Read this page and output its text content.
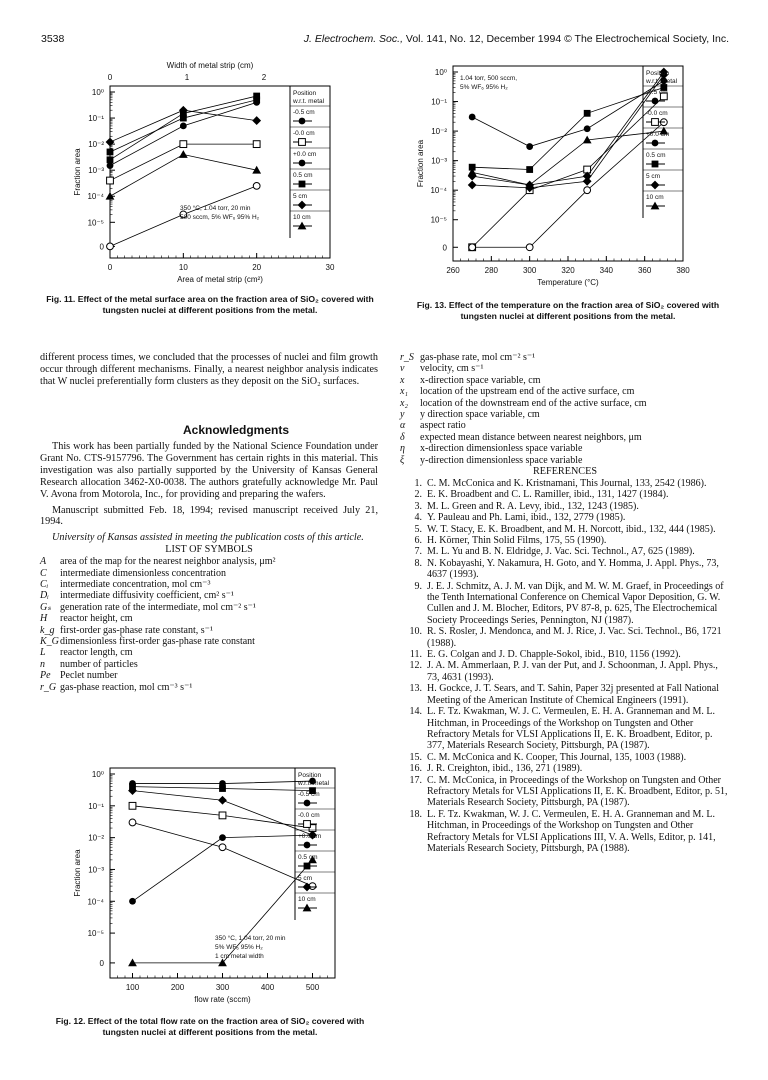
3538	J. Electrochem. Soc., Vol. 141, No. 12, December 1994 © The Electrochemical Society, Inc.
Width of metal strip (cm)
0	1	2
10⁰
10⁻¹
10⁻²
10⁻³
10⁻⁴
10⁻⁵
0
0	10	20	30
Area of metal strip (cm²)
Fraction area
Position
w.r.t. metal
-0.5 cm
-0.0 cm
+0.0 cm
0.5 cm
5 cm
10 cm
350 °C, 1.04 torr, 20 min
500 sccm, 5% WF₆ 95% H₂
Fig. 11. Effect of the metal surface area on the fraction area of SiO₂ covered with tungsten nuclei at different positions from the metal.
10⁰
10⁻¹
10⁻²
10⁻³
10⁻⁴
10⁻⁵
0
260	280	300	320	340	360	380
Temperature (°C)
Fraction area
Position
w.r.t. metal
-0.5 cm
-0.0 cm
+0.0 cm
0.5 cm
5 cm
10 cm
1.04 torr, 500 sccm,
5% WF₆ 95% H₂
Fig. 13. Effect of the temperature on the fraction area of SiO₂ covered with tungsten nuclei at different positions from the metal.
10⁰
10⁻¹
10⁻²
10⁻³
10⁻⁴
10⁻⁵
0
100	200	300	400	500
flow rate (sccm)
Fraction area
Position
w.r.t. metal
-0.5 cm
-0.0 cm
+0.0 cm
0.5 cm
5 cm
10 cm
350 °C, 1.04 torr, 20 min
5% WF₆ 95% H₂
1 cm metal width
Fig. 12. Effect of the total flow rate on the fraction area of SiO₂ covered with tungsten nuclei at different positions from the metal.

different process times, we concluded that the processes of nuclei and film growth occur through different mechanisms. Finally, a nearest neighbor analysis indicates that W nuclei preferentially form clusters as they deposit on the SiO₂ surfaces.

Acknowledgments

This work has been partially funded by the National Science Foundation under Grant No. CTS-9157796. The Government has certain rights in this material. This investigation was also partially supported by the University of Kansas General Research allocation 3462-X0-0038. The authors gratefully acknowledge Mr. Paul V. Avona from Motorola, Inc., for providing and preparing the wafers.

Manuscript submitted Feb. 18, 1994; revised manuscript received July 21, 1994.

University of Kansas assisted in meeting the publication costs of this article.

LIST OF SYMBOLS

A	area of the map for the nearest neighbor analysis, μm²
C	intermediate dimensionless concentration
Cᵢ	intermediate concentration, mol cm⁻³
Dᵢ	intermediate diffusivity coefficient, cm² s⁻¹
Gₛ generation rate of the intermediate, mol cm⁻² s⁻¹
H	reactor height, cm
k_g first-order gas-phase rate constant, s⁻¹
K_G dimensionless first-order gas-phase rate constant
L	reactor length, cm
n	number of particles
Pe Peclet number
r_G gas-phase reaction, mol cm⁻³ s⁻¹
r_S gas-phase rate, mol cm⁻² s⁻¹
v	velocity, cm s⁻¹
x	x-direction space variable, cm
x₁	location of the upstream end of the active surface, cm
x₂	location of the downstream end of the active surface, cm
y	y direction space variable, cm
α	aspect ratio
δ	expected mean distance between nearest neighbors, μm
η	x-direction dimensionless space variable
ξ	y-direction dimensionless space variable

REFERENCES

1. C. M. McConica and K. Kristnamani, This Journal, 133, 2542 (1986).
2. E. K. Broadbent and C. L. Ramiller, ibid., 131, 1427 (1984).
3. M. L. Green and R. A. Levy, ibid., 132, 1243 (1985).
4. Y. Pauleau and Ph. Lami, ibid., 132, 2779 (1985).
5. W. T. Stacy, E. K. Broadbent, and M. H. Norcott, ibid., 132, 444 (1985).
6. H. Körner, Thin Solid Films, 175, 55 (1990).
7. M. L. Yu and B. N. Eldridge, J. Vac. Sci. Technol., A7, 625 (1989).
8. N. Kobayashi, Y. Nakamura, H. Goto, and Y. Homma, J. Appl. Phys., 73, 4637 (1993).
9. J. E. J. Schmitz, A. J. M. van Dijk, and M. W. M. Graef, in Proceedings of the Tenth International Conference on Chemical Vapor Deposition, G. W. Cullen and J. M. Blocher, Editors, PV 87-8, p. 625, The Electrochemical Society Proceedings Series, Pennington, NJ (1987).
10. R. S. Rosler, J. Mendonca, and M. J. Rice, J. Vac. Sci. Technol., B6, 1721 (1988).
11. E. G. Colgan and J. D. Chapple-Sokol, ibid., B10, 1156 (1992).
12. J. A. M. Ammerlaan, P. J. van der Put, and J. Schoonman, J. Appl. Phys., 73, 4631 (1993).
13. H. Gockce, J. T. Sears, and T. Sahin, Paper 32j presented at Fall National Meeting of the American Institute of Chemical Engineers (1991).
14. L. F. Tz. Kwakman, W. J. C. Vermeulen, E. H. A. Granneman and M. L. Hitchman, in Proceedings of the Workshop on Tungsten and Other Refractory Metals for VLSI Applications II, E. K. Broadbent, Editor, p. 377, Materials Research Society, Pittsburgh, PA (1987).
15. C. M. McConica and K. Cooper, This Journal, 135, 1003 (1988).
16. J. R. Creighton, ibid., 136, 271 (1989).
17. C. M. McConica, in Proceedings of the Workshop on Tungsten and Other Refractory Metals for VLSI Applications II, E. K. Broadbent, Editor, p. 51, Materials Research Society, Pittsburgh, PA (1987).
18. L. F. Tz. Kwakman, W. J. C. Vermeulen, E. H. A. Granneman and M. L. Hitchman, in Proceedings of the Workshop on Tungsten and Other Refractory Metals for VLSI Applications III, V. A. Wells, Editor, p. 141, Materials Research Society, Pittsburgh, PA (1988).
